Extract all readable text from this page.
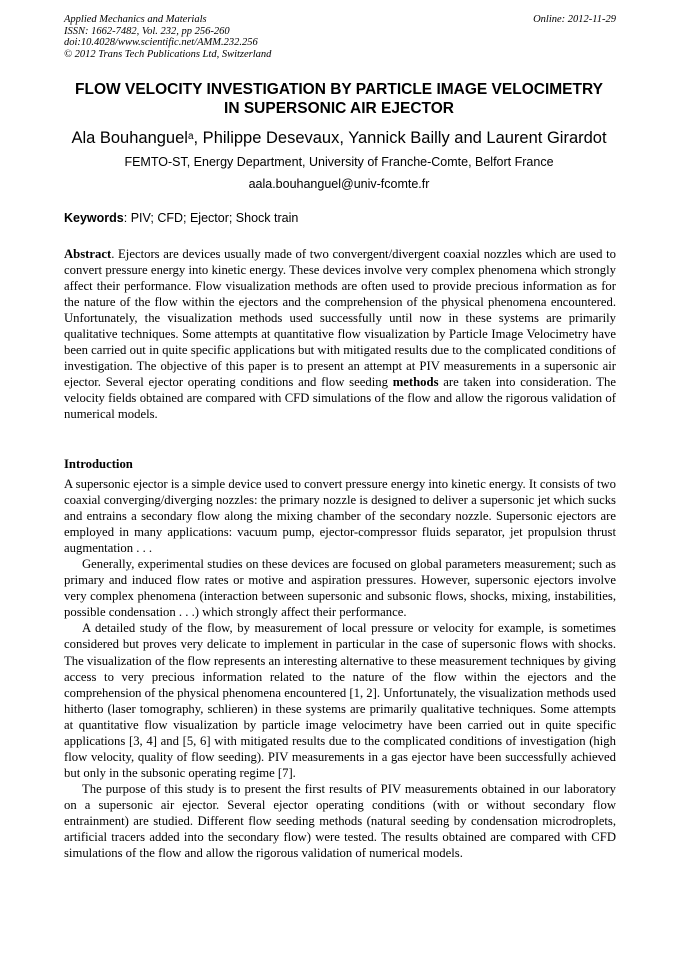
Applied Mechanics and Materials
ISSN: 1662-7482, Vol. 232, pp 256-260
doi:10.4028/www.scientific.net/AMM.232.256
© 2012 Trans Tech Publications Ltd, Switzerland
Online: 2012-11-29
FLOW VELOCITY INVESTIGATION BY PARTICLE IMAGE VELOCIMETRY
IN SUPERSONIC AIR EJECTOR
Ala Bouhanguel$^a$, Philippe Desevaux, Yannick Bailly and Laurent Girardot
FEMTO-ST, Energy Department, University of Franche-Comte, Belfort France
aala.bouhanguel@univ-fcomte.fr
Keywords: PIV; CFD; Ejector; Shock train
Abstract. Ejectors are devices usually made of two convergent/divergent coaxial nozzles which are used to convert pressure energy into kinetic energy. These devices involve very complex phenomena which strongly affect their performance. Flow visualization methods are often used to provide precious information as for the nature of the flow within the ejectors and the comprehension of the physical phenomena encountered. Unfortunately, the visualization methods used successfully until now in these systems are primarily qualitative techniques. Some attempts at quantitative flow visualization by Particle Image Velocimetry have been carried out in quite specific applications but with mitigated results due to the complicated conditions of investigation. The objective of this paper is to present an attempt at PIV measurements in a supersonic air ejector. Several ejector operating conditions and flow seeding methods are taken into consideration. The velocity fields obtained are compared with CFD simulations of the flow and allow the rigorous validation of numerical models.
Introduction

A supersonic ejector is a simple device used to convert pressure energy into kinetic energy. It consists of two coaxial converging/diverging nozzles: the primary nozzle is designed to deliver a supersonic jet which sucks and entrains a secondary flow along the mixing chamber of the secondary nozzle. Supersonic ejectors are employed in many applications: vacuum pump, ejector-compressor fluids separator, jet propulsion thrust augmentation . . .

Generally, experimental studies on these devices are focused on global parameters measurement; such as primary and induced flow rates or motive and aspiration pressures. However, supersonic ejectors involve very complex phenomena (interaction between supersonic and subsonic flows, shocks, mixing, instabilities, possible condensation . . .) which strongly affect their performance.

A detailed study of the flow, by measurement of local pressure or velocity for example, is sometimes considered but proves very delicate to implement in particular in the case of supersonic flows with shocks. The visualization of the flow represents an interesting alternative to these measurement techniques by giving access to very precious information related to the nature of the flow within the ejectors and the comprehension of the physical phenomena encountered [1, 2]. Unfortunately, the visualization methods used hitherto (laser tomography, schlieren) in these systems are primarily qualitative techniques. Some attempts at quantitative flow visualization by particle image velocimetry have been carried out in quite specific applications [3, 4] and [5, 6] with mitigated results due to the complicated conditions of investigation (high flow velocity, quality of flow seeding). PIV measurements in a gas ejector have been successfully achieved but only in the subsonic operating regime [7].

The purpose of this study is to present the first results of PIV measurements obtained in our laboratory on a supersonic air ejector. Several ejector operating conditions (with or without secondary flow entrainment) are studied. Different flow seeding methods (natural seeding by condensation microdroplets, artificial tracers added into the secondary flow) were tested. The results obtained are compared with CFD simulations of the flow and allow the rigorous validation of numerical models.
